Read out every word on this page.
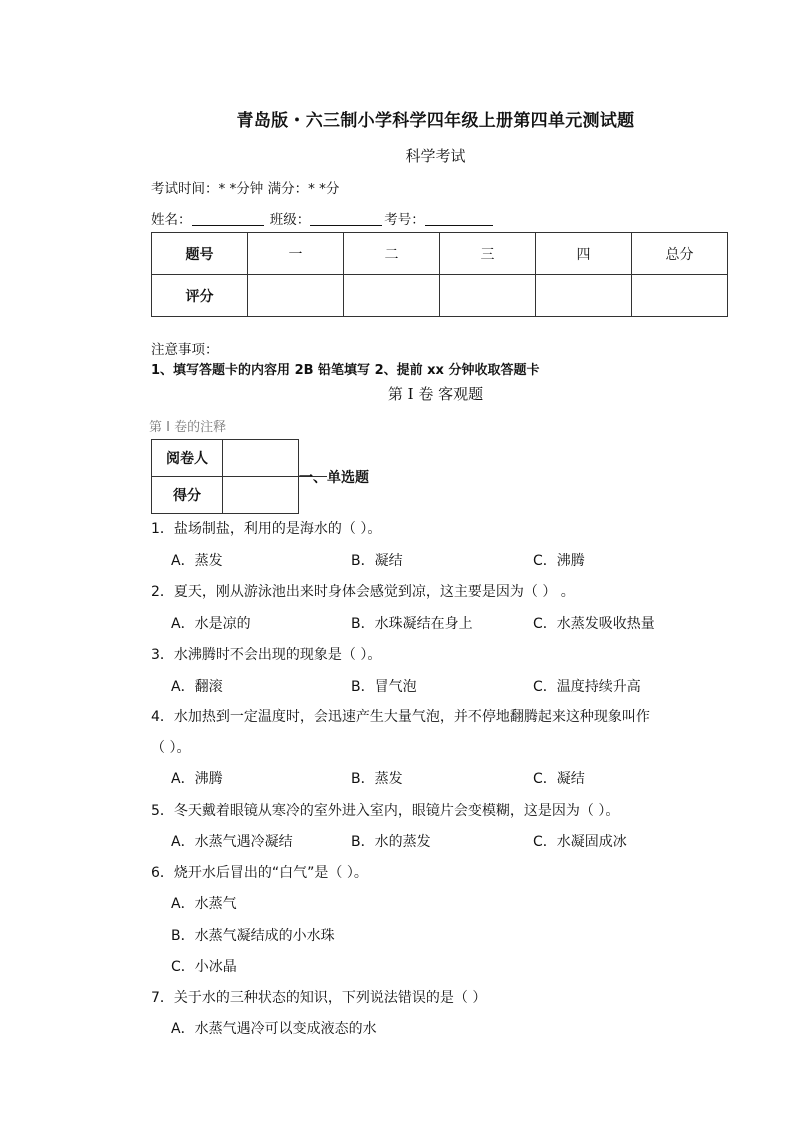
青岛版・六三制小学科学四年级上册第四单元测试题
科学考试
考试时间：* *分钟 满分：* *分
姓名：	班级：	考号：
题号	一	二	三	四	总分
评分					
注意事项：
1、填写答题卡的内容用 2B 铅笔填写 2、提前 xx 分钟收取答题卡
第 I 卷 客观题
第 I 卷的注释
阅卷人	
得分	
一、单选题
1．盐场制盐，利用的是海水的（ ）。
A．蒸发	B．凝结	C．沸腾
2．夏天，刚从游泳池出来时身体会感觉到凉，这主要是因为（ ） 。
A．水是凉的	B．水珠凝结在身上	C．水蒸发吸收热量
3．水沸腾时不会出现的现象是（ ）。
A．翻滚	B．冒气泡	C．温度持续升高
4．水加热到一定温度时，会迅速产生大量气泡，并不停地翻腾起来这种现象叫作
（ ）。
A．沸腾	B．蒸发	C．凝结
5．冬天戴着眼镜从寒冷的室外进入室内，眼镜片会变模糊，这是因为（ ）。
A．水蒸气遇冷凝结	B．水的蒸发	C．水凝固成冰
6．烧开水后冒出的“白气”是（ ）。
A．水蒸气
B．水蒸气凝结成的小水珠
C．小冰晶
7．关于水的三种状态的知识，下列说法错误的是（ ）
A．水蒸气遇冷可以变成液态的水
